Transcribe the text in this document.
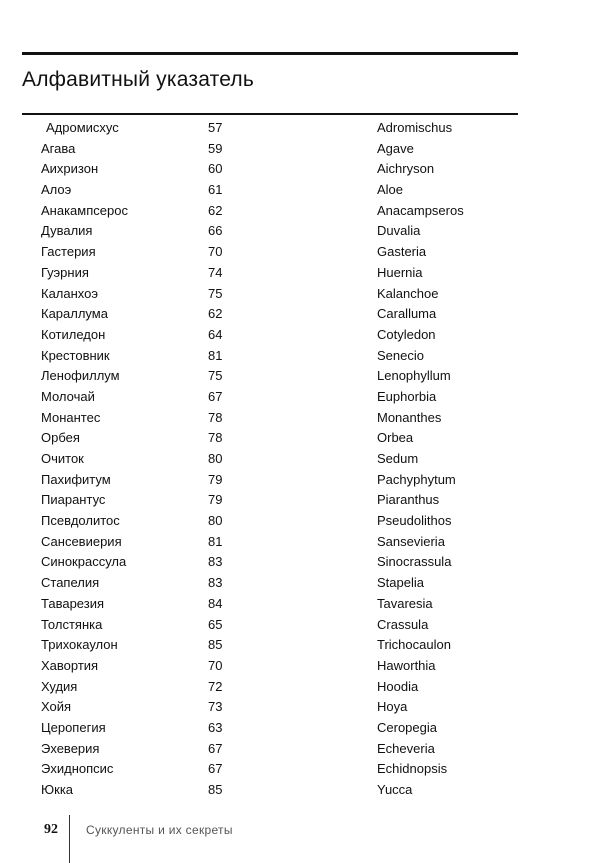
Алфавитный указатель
Адромисхус	57	Adromischus
Агава	59	Agave
Аихризон	60	Aichryson
Алоэ	61	Aloe
Анакампсерос	62	Anacampseros
Дувалия	66	Duvalia
Гастерия	70	Gasteria
Гуэрния	74	Huernia
Каланхоэ	75	Kalanchoe
Караллума	62	Caralluma
Котиледон	64	Cotyledon
Крестовник	81	Senecio
Ленофиллум	75	Lenophyllum
Молочай	67	Euphorbia
Монантес	78	Monanthes
Орбея	78	Orbea
Очиток	80	Sedum
Пахифитум	79	Pachyphytum
Пиарантус	79	Piaranthus
Псевдолитос	80	Pseudolithos
Сансевиерия	81	Sansevieria
Синокрассула	83	Sinocrassula
Стапелия	83	Stapelia
Таварезия	84	Tavaresia
Толстянка	65	Crassula
Трихокаулон	85	Trichocaulon
Хавортия	70	Haworthia
Худия	72	Hoodia
Хойя	73	Hoya
Церопегия	63	Ceropegia
Эхеверия	67	Echeveria
Эхиднопсис	67	Echidnopsis
Юкка	85	Yucca
92 Суккуленты и их секреты
